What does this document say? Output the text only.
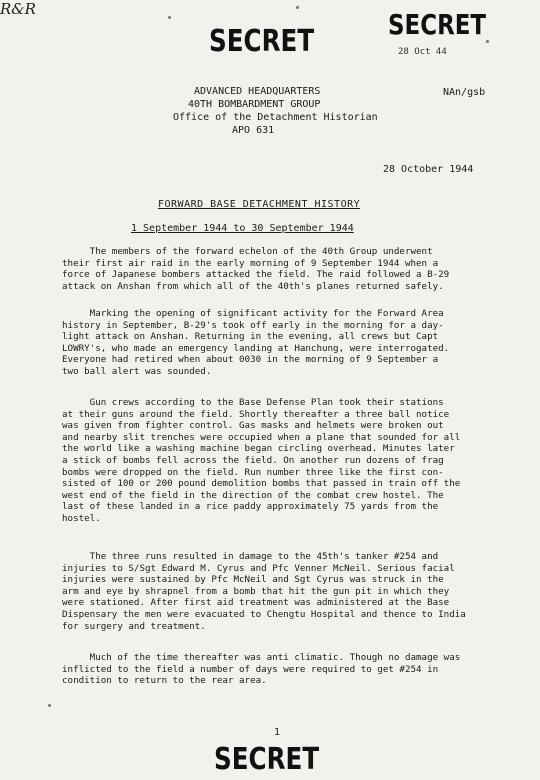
SECRET
R&R
28 Oct 44
SECRET
ADVANCED HEADQUARTERS
40TH BOMBARDMENT GROUP
Office of the Detachment Historian
APO 631
NAn/gsb
28 October 1944
FORWARD BASE DETACHMENT HISTORY
1 September 1944 to 30 September 1944
The members of the forward echelon of the 40th Group underwent
their first air raid in the early morning of 9 September 1944 when a
force of Japanese bombers attacked the field. The raid followed a B-29
attack on Anshan from which all of the 40th's planes returned safely.
Marking the opening of significant activity for the Forward Area
history in September, B-29's took off early in the morning for a day-
light attack on Anshan. Returning in the evening, all crews but Capt
LOWRY's, who made an emergency landing at Hanchung, were interrogated.
Everyone had retired when about 0030 in the morning of 9 September a
two ball alert was sounded.
Gun crews according to the Base Defense Plan took their stations
at their guns around the field. Shortly thereafter a three ball notice
was given from fighter control. Gas masks and helmets were broken out
and nearby slit trenches were occupied when a plane that sounded for all
the world like a washing machine began circling overhead. Minutes later
a stick of bombs fell across the field. On another run dozens of frag
bombs were dropped on the field. Run number three like the first con-
sisted of 100 or 200 pound demolition bombs that passed in train off the
west end of the field in the direction of the combat crew hostel. The
last of these landed in a rice paddy approximately 75 yards from the
hostel.
The three runs resulted in damage to the 45th's tanker #254 and
injuries to S/Sgt Edward M. Cyrus and Pfc Venner McNeil. Serious facial
injuries were sustained by Pfc McNeil and Sgt Cyrus was struck in the
arm and eye by shrapnel from a bomb that hit the gun pit in which they
were stationed. After first aid treatment was administered at the Base
Dispensary the men were evacuated to Chengtu Hospital and thence to India
for surgery and treatment.
Much of the time thereafter was anti climatic. Though no damage was
inflicted to the field a number of days were required to get #254 in
condition to return to the rear area.
1
SECRET
